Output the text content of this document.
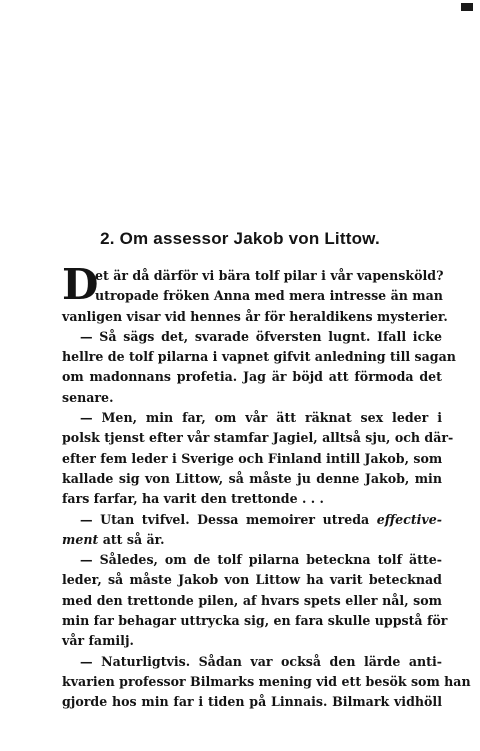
2. Om assessor Jakob von Littow.
D
et är då därför vi bära tolf pilar i vår vapensköld?
utropade fröken Anna med mera intresse än man
vanligen visar vid hennes år för heraldikens mysterier.
— Så sägs det, svarade öfversten lugnt. Ifall icke
hellre de tolf pilarna i vapnet gifvit anledning till sagan
om madonnans profetia. Jag är böjd att förmoda det
senare.
— Men, min far, om vår ätt räknat sex leder i
polsk tjenst efter vår stamfar Jagiel, alltså sju, och där-
efter fem leder i Sverige och Finland intill Jakob, som
kallade sig von Littow, så måste ju denne Jakob, min
fars farfar, ha varit den trettonde . . .
— Utan tvifvel. Dessa memoirer utreda effective-
ment att så är.
— Således, om de tolf pilarna beteckna tolf ätte-
leder, så måste Jakob von Littow ha varit betecknad
med den trettonde pilen, af hvars spets eller nål, som
min far behagar uttrycka sig, en fara skulle uppstå för
vår familj.
— Naturligtvis. Sådan var också den lärde anti-
kvarien professor Bilmarks mening vid ett besök som han
gjorde hos min far i tiden på Linnais. Bilmark vidhöll
